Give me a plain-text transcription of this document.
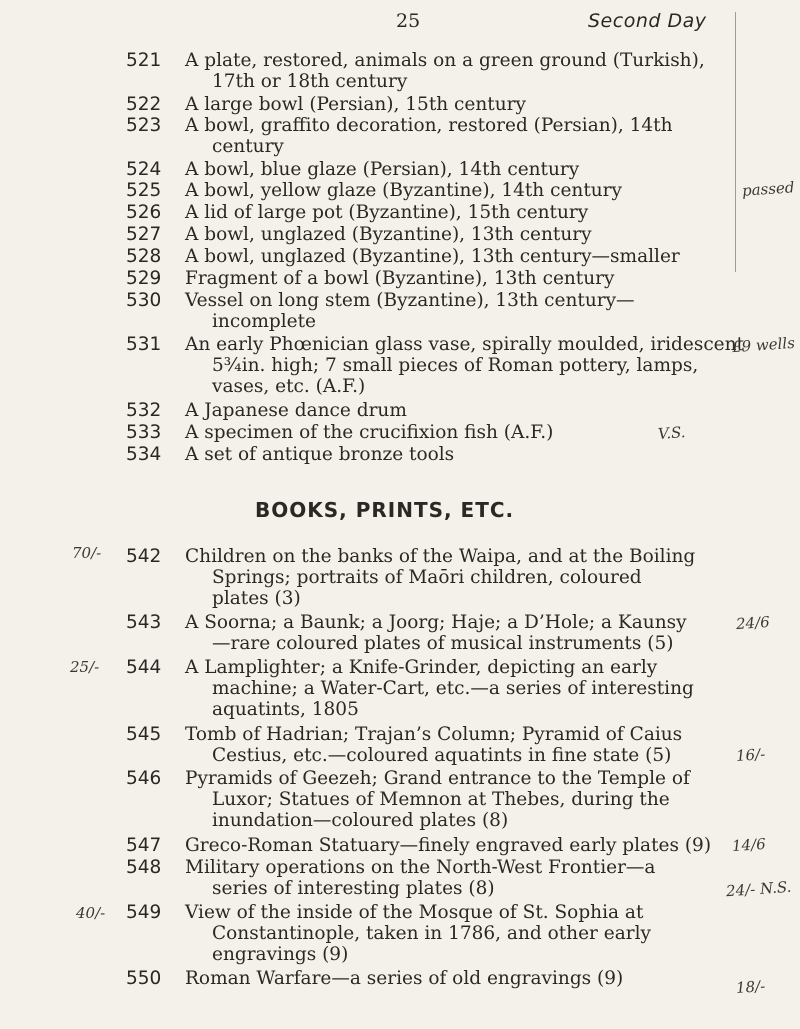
25	Second Day
521	A plate, restored, animals on a green ground (Turkish),
17th or 18th century
522	A large bowl (Persian), 15th century
523	A bowl, graffito decoration, restored (Persian), 14th
century
524	A bowl, blue glaze (Persian), 14th century
525	A bowl, yellow glaze (Byzantine), 14th century
526	A lid of large pot (Byzantine), 15th century
527	A bowl, unglazed (Byzantine), 13th century
528	A bowl, unglazed (Byzantine), 13th century—smaller
529	Fragment of a bowl (Byzantine), 13th century
530	Vessel on long stem (Byzantine), 13th century—
incomplete
531	An early Phœnician glass vase, spirally moulded, iridescent
5¾in. high; 7 small pieces of Roman pottery, lamps,
vases, etc. (A.F.)
532	A Japanese dance drum
533	A specimen of the crucifixion fish (A.F.)
534	A set of antique bronze tools
BOOKS, PRINTS, ETC.
542	Children on the banks of the Waipa, and at the Boiling
Springs; portraits of Maōri children, coloured
plates (3)
543	A Soorna; a Baunk; a Joorg; Haje; a D’Hole; a Kaunsy
—rare coloured plates of musical instruments (5)
544	A Lamplighter; a Knife-Grinder, depicting an early
machine; a Water-Cart, etc.—a series of interesting
aquatints, 1805
545	Tomb of Hadrian; Trajan’s Column; Pyramid of Caius
Cestius, etc.—coloured aquatints in fine state (5)
546	Pyramids of Geezeh; Grand entrance to the Temple of
Luxor; Statues of Memnon at Thebes, during the
inundation—coloured plates (8)
547	Greco-Roman Statuary—finely engraved early plates (9)
548	Military operations on the North-West Frontier—a
series of interesting plates (8)
549	View of the inside of the Mosque of St. Sophia at
Constantinople, taken in 1786, and other early
engravings (9)
550	Roman Warfare—a series of old engravings (9)
passed
£9 wells
24/6
16/-
14/6
24/- N.S.
18/-
V.S.
70/-
25/-
40/-
